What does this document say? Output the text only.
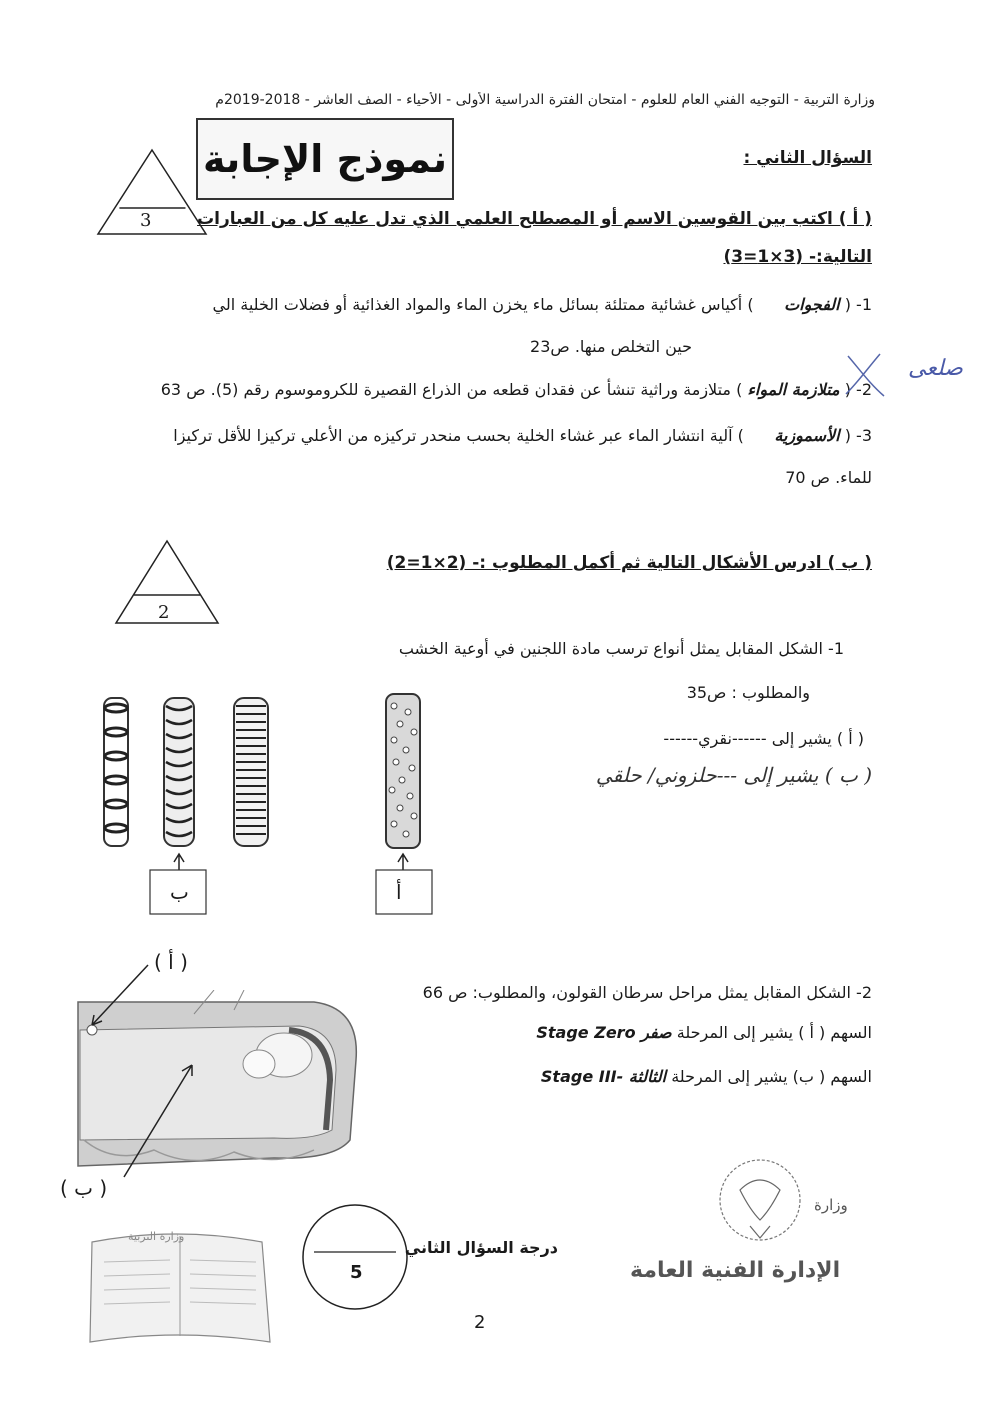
وزارة التربية - التوجيه الفني العام للعلوم - امتحان الفترة الدراسية الأولى - الأحياء - الصف العاشر - 2018-2019م
نموذج الإجابة
3
السؤال الثاني :
( أ ) اكتب بين القوسين الاسم أو المصطلح العلمي الذي تدل عليه كل من العبارات
التالية:- (3×1=3)
1- ( الفجوات      ) أكياس غشائية ممتلئة بسائل ماء يخزن الماء والمواد الغذائية أو فضلات الخلية الي
حين التخلص منها. ص23
2- ( متلازمة المواء ) متلازمة وراثية تنشأ عن فقدان قطعه من الذراع القصيرة للكروموسوم رقم (5). ص 63
صلعى
3- ( الأسموزية      ) آلية انتشار الماء عبر غشاء الخلية بحسب منحدر تركيزه من الأعلي تركيزا للأقل تركيزا
للماء. ص 70
2
( ب ) ادرس الأشكال التالية ثم أكمل المطلوب :- (2×1=2)
1- الشكل المقابل يمثل أنواع ترسب مادة اللجنين في أوعية الخشب
والمطلوب : ص35
( أ ) يشير إلى ------نقري------
( ب ) يشير إلى ---حلزوني/ حلقي
ب	أ
2- الشكل المقابل يمثل مراحل سرطان القولون، والمطلوب: ص 66
السهم ( أ ) يشير إلى المرحلة صفر Stage Zero
السهم ( ب) يشير إلى المرحلة الثالثة -Stage III
( أ )
( ب )
5
درجة السؤال الثاني
وزارة التربية
وزارة
الإدارة الفنية العامة
2
